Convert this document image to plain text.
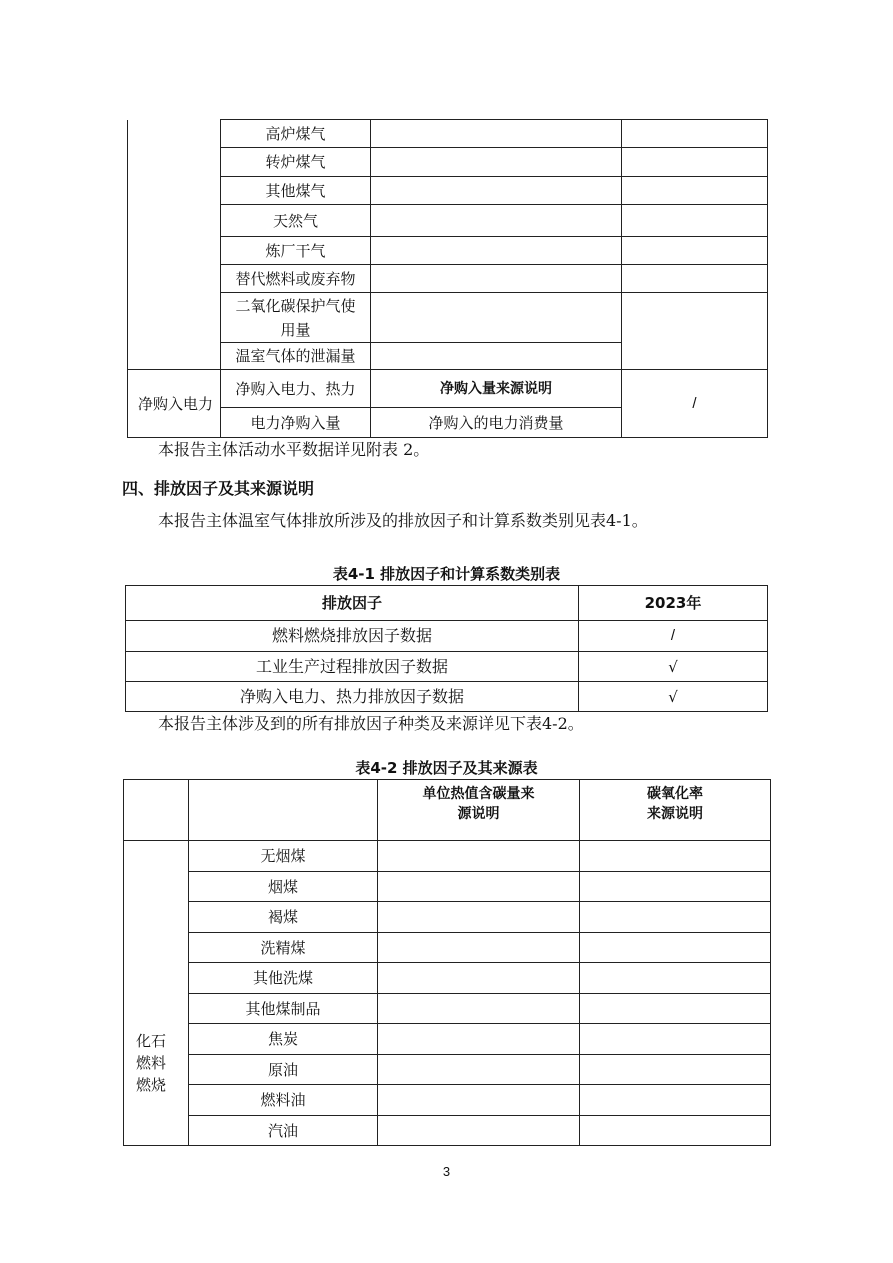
	高炉煤气		
	转炉煤气		
	其他煤气		
	天然气		
	炼厂干气		
	替代燃料或废弃物		
	二氧化碳保护气使用量		
	温室气体的泄漏量		
净购入电力	净购入电力、热力	净购入量来源说明	/
	电力净购入量	净购入的电力消费量	

本报告主体活动水平数据详见附表 2。

四、排放因子及其来源说明

本报告主体温室气体排放所涉及的排放因子和计算系数类别见表4-1。

表4-1 排放因子和计算系数类别表

排放因子	2023年
燃料燃烧排放因子数据	/
工业生产过程排放因子数据	√
净购入电力、热力排放因子数据	√

本报告主体涉及到的所有排放因子种类及来源详见下表4-2。

表4-2 排放因子及其来源表

		单位热值含碳量来源说明	碳氧化率来源说明
化石燃料燃烧	无烟煤		
	烟煤		
	褐煤		
	洗精煤		
	其他洗煤		
	其他煤制品		
	焦炭		
	原油		
	燃料油		
	汽油		

3
